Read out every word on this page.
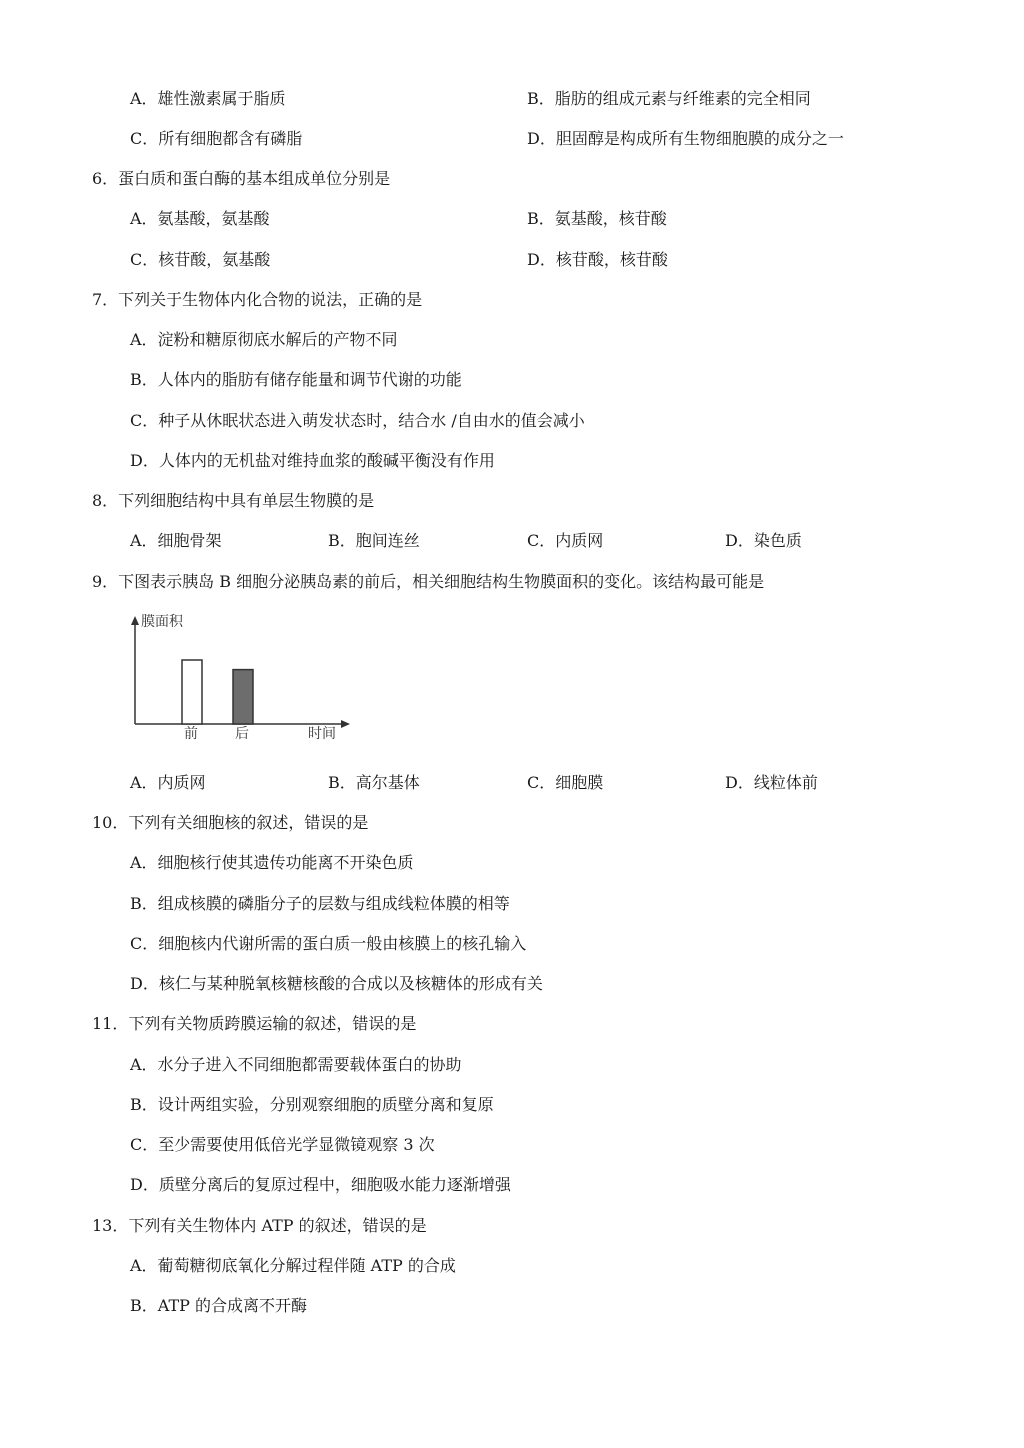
A．雄性激素属于脂质	B．脂肪的组成元素与纤维素的完全相同
C．所有细胞都含有磷脂	D．胆固醇是构成所有生物细胞膜的成分之一
6．蛋白质和蛋白酶的基本组成单位分别是
A．氨基酸，氨基酸	B．氨基酸，核苷酸
C．核苷酸，氨基酸	D．核苷酸，核苷酸
7．下列关于生物体内化合物的说法，正确的是
A．淀粉和糖原彻底水解后的产物不同
B．人体内的脂肪有储存能量和调节代谢的功能
C．种子从休眠状态进入萌发状态时，结合水 /自由水的值会减小
D．人体内的无机盐对维持血浆的酸碱平衡没有作用
8．下列细胞结构中具有单层生物膜的是
A．细胞骨架	B．胞间连丝	C．内质网	D．染色质
9．下图表示胰岛 B 细胞分泌胰岛素的前后，相关细胞结构生物膜面积的变化。该结构最可能是
膜面积
前	后	时间
A．内质网	B．高尔基体	C．细胞膜	D．线粒体前
10．下列有关细胞核的叙述，错误的是
A．细胞核行使其遗传功能离不开染色质
B．组成核膜的磷脂分子的层数与组成线粒体膜的相等
C．细胞核内代谢所需的蛋白质一般由核膜上的核孔输入
D．核仁与某种脱氧核糖核酸的合成以及核糖体的形成有关
11．下列有关物质跨膜运输的叙述，错误的是
A．水分子进入不同细胞都需要载体蛋白的协助
B．设计两组实验，分别观察细胞的质壁分离和复原
C．至少需要使用低倍光学显微镜观察 3 次
D．质壁分离后的复原过程中，细胞吸水能力逐渐增强
13．下列有关生物体内 ATP 的叙述，错误的是
A．葡萄糖彻底氧化分解过程伴随 ATP 的合成
B．ATP 的合成离不开酶
